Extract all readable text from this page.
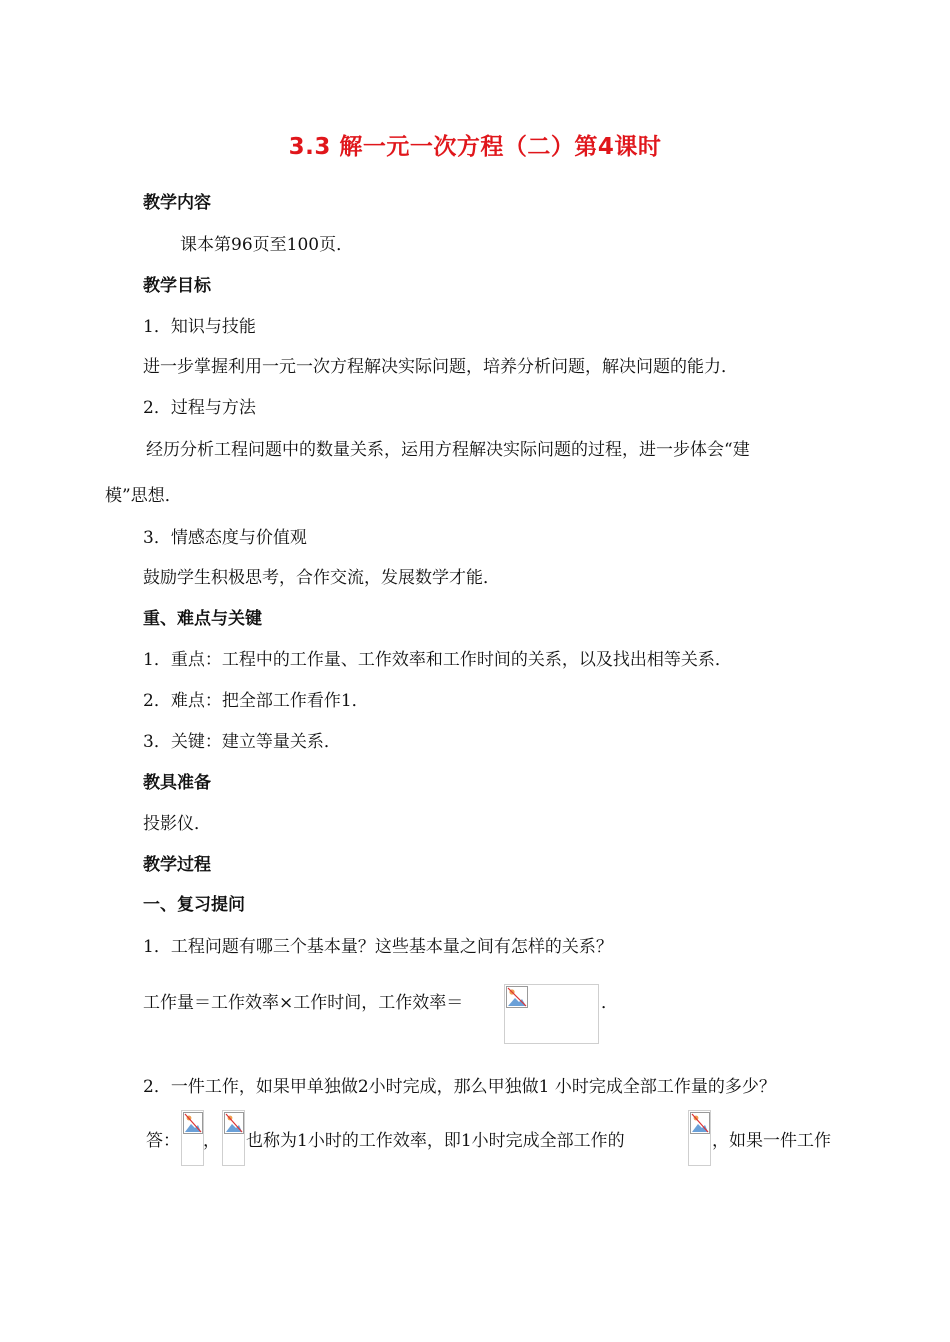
3.3 解一元一次方程（二）第4课时
教学内容
课本第96页至100页．
教学目标
1．知识与技能
进一步掌握利用一元一次方程解决实际问题，培养分析问题，解决问题的能力．
2．过程与方法
经历分析工程问题中的数量关系，运用方程解决实际问题的过程，进一步体会“建
模”思想．
3．情感态度与价值观
鼓励学生积极思考，合作交流，发展数学才能．
重、难点与关键
1．重点：工程中的工作量、工作效率和工作时间的关系，以及找出相等关系．
2．难点：把全部工作看作1．
3．关键：建立等量关系．
教具准备
投影仪．
教学过程
一、复习提问
1．工程问题有哪三个基本量？这些基本量之间有怎样的关系？
工作量＝工作效率×工作时间，工作效率＝	．
2．一件工作，如果甲单独做2小时完成，那么甲独做1 小时完成全部工作量的多少？
答： ， 也称为1小时的工作效率，即1小时完成全部工作的	，如果一件工作
